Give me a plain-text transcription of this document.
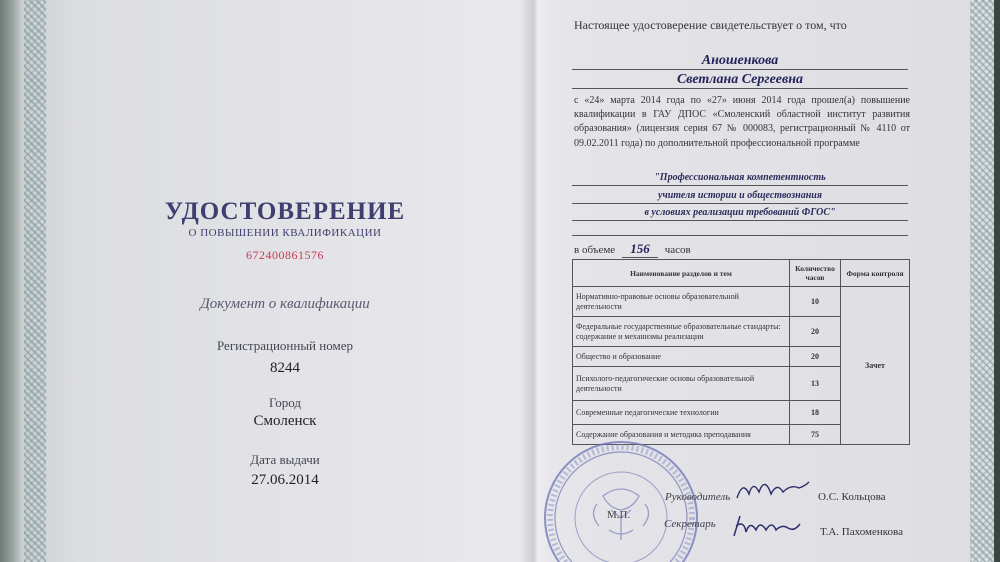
УДОСТОВЕРЕНИЕ
О ПОВЫШЕНИИ КВАЛИФИКАЦИИ
672400861576
Документ о квалификации
Регистрационный номер
8244
Город
Смоленск
Дата выдачи
27.06.2014
Настоящее удостоверение свидетельствует о том, что
Аношенкова
Светлана Сергеевна
с «24» марта 2014 года по «27» июня 2014 года прошел(а) повышение квалификации в ГАУ ДПОС «Смоленский областной институт развития образования» (лицензия серия 67 № 000083, регистрационный № 4110 от 09.02.2011 года) по дополнительной профессиональной программе
"Профессиональная компетентность
учителя истории и обществознания
в условиях реализации требований ФГОС"
в объеме 156 часов
Наименование разделов и тем	Количество часов	Форма контроля
Нормативно-правовые основы образовательной деятельности	10	Зачет
Федеральные государственные образовательные стандарты: содержание и механизмы реализации	20	
Общество и образование	20	
Психолого-педагогические основы образовательной деятельности	13	
Современные педагогические технологии	18	
Содержание образования и методика преподавания	75	
М.П.
Руководитель	О.С. Кольцова
Секретарь
Т.А. Пахоменкова
